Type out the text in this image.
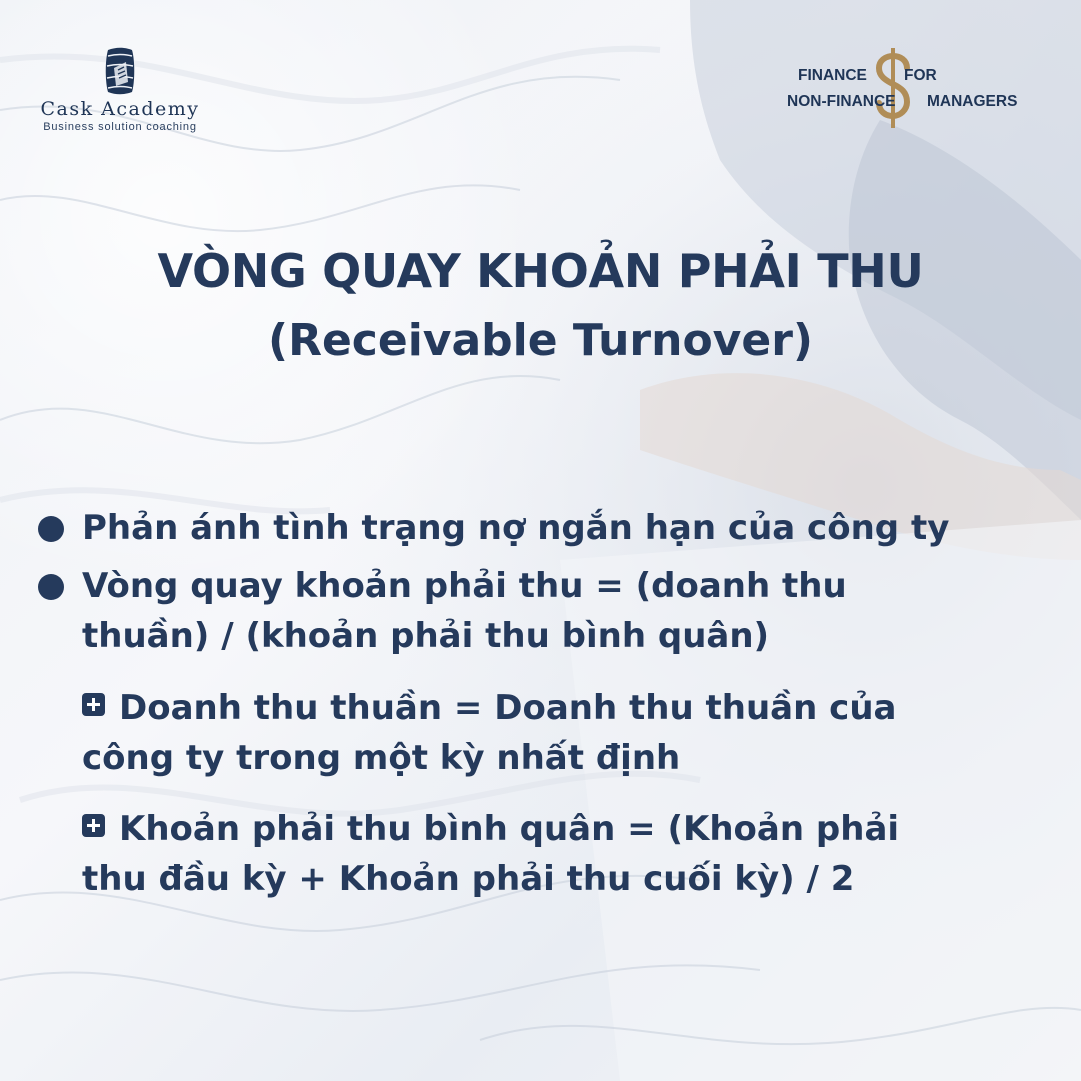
Cask Academy
Business solution coaching
FINANCE FOR
NON-FINANCE MANAGERS
VÒNG QUAY KHOẢN PHẢI THU
(Receivable Turnover)
Phản ánh tình trạng nợ ngắn hạn của công ty
Vòng quay khoản phải thu = (doanh thu
thuần) / (khoản phải thu bình quân)
Doanh thu thuần = Doanh thu thuần của
công ty trong một kỳ nhất định
Khoản phải thu bình quân = (Khoản phải
thu đầu kỳ + Khoản phải thu cuối kỳ) / 2
